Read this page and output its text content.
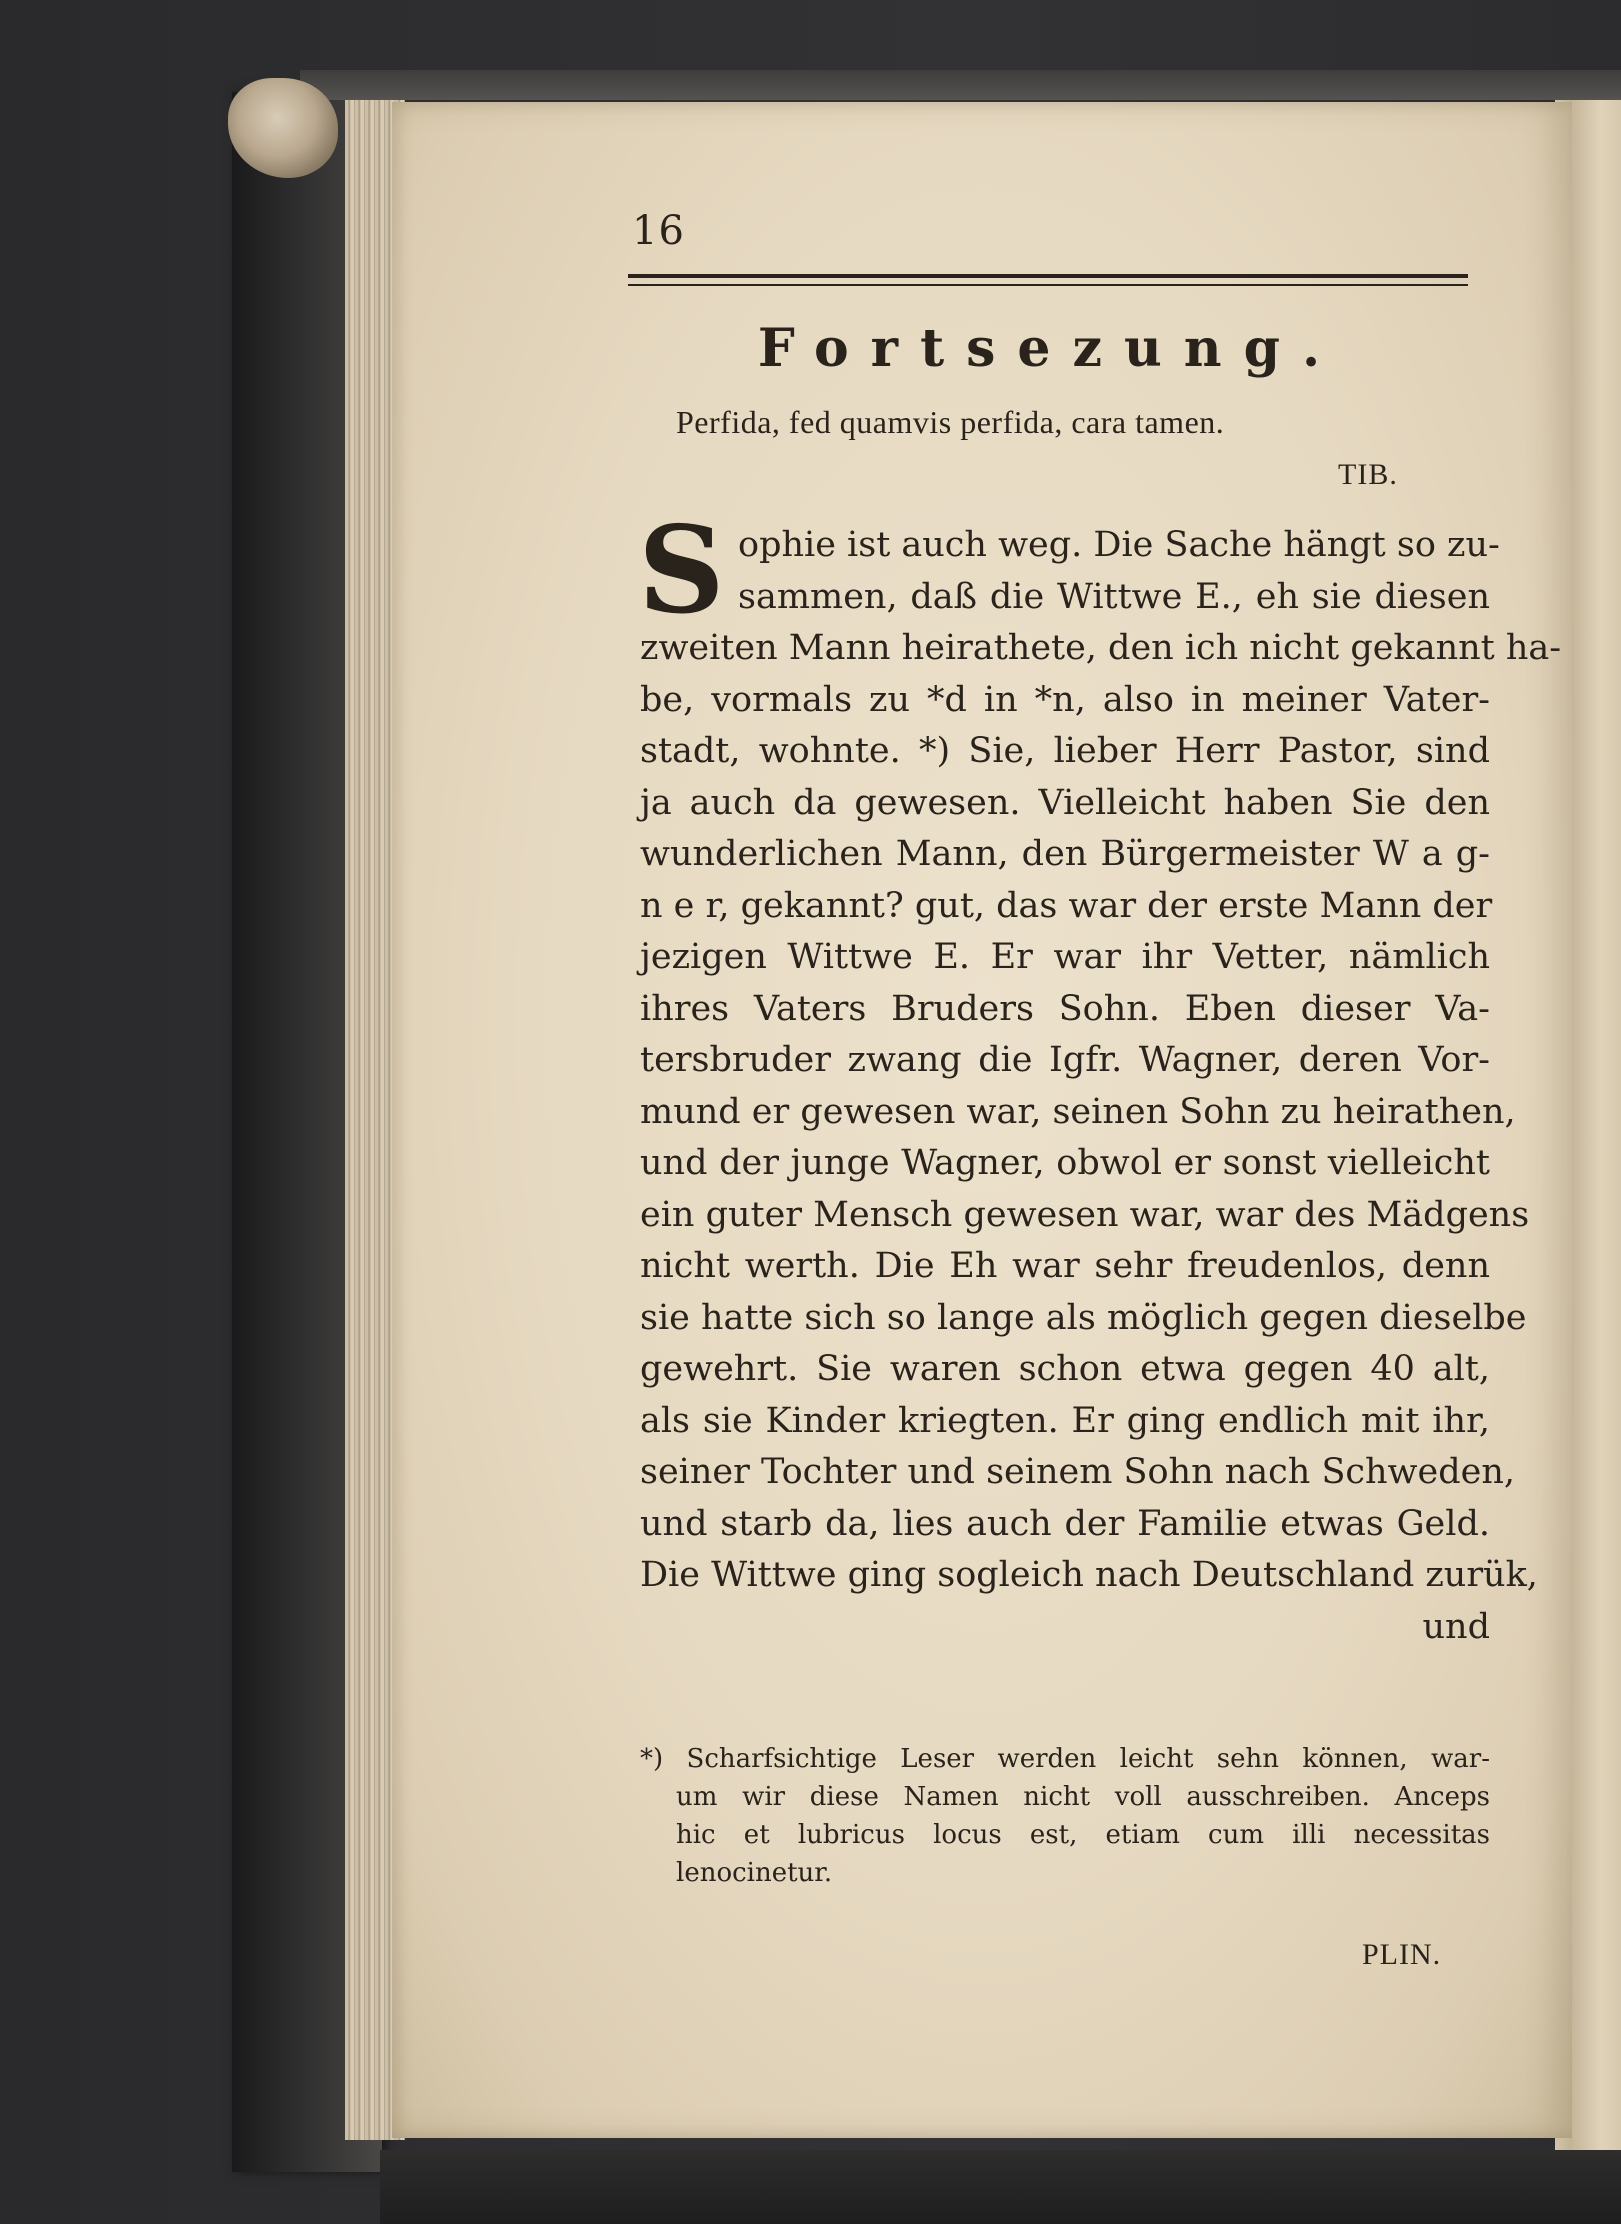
16
Fortsezung.
Perfida, fed quamvis perfida, cara tamen.
TIB.
S ophie ist auch weg. Die Sache hängt so zu-
sammen, daß die Wittwe E., eh sie diesen
zweiten Mann heirathete, den ich nicht gekannt ha-
be, vormals zu *d in *n, also in meiner Vater-
stadt, wohnte. *) Sie, lieber Herr Pastor, sind
ja auch da gewesen. Vielleicht haben Sie den
wunderlichen Mann, den Bürgermeister W a g-
n e r, gekannt? gut, das war der erste Mann der
jezigen Wittwe E. Er war ihr Vetter, nämlich
ihres Vaters Bruders Sohn. Eben dieser Va-
tersbruder zwang die Igfr. Wagner, deren Vor-
mund er gewesen war, seinen Sohn zu heirathen,
und der junge Wagner, obwol er sonst vielleicht
ein guter Mensch gewesen war, war des Mädgens
nicht werth. Die Eh war sehr freudenlos, denn
sie hatte sich so lange als möglich gegen dieselbe
gewehrt. Sie waren schon etwa gegen 40 alt,
als sie Kinder kriegten. Er ging endlich mit ihr,
seiner Tochter und seinem Sohn nach Schweden,
und starb da, lies auch der Familie etwas Geld.
Die Wittwe ging sogleich nach Deutschland zurük,
und
*) Scharfsichtige Leser werden leicht sehn können, war-
um wir diese Namen nicht voll ausschreiben. Anceps
hic et lubricus locus est, etiam cum illi necessitas
lenocinetur.
PLIN.
